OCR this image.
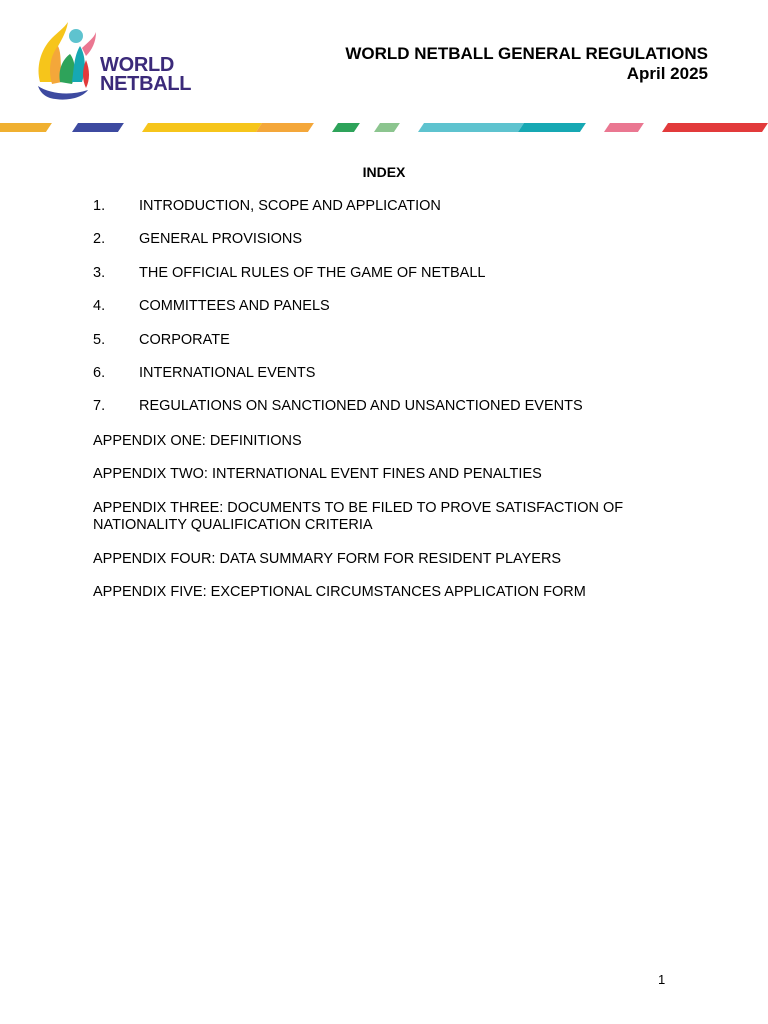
WORLD
NETBALL
WORLD NETBALL GENERAL REGULATIONS
April 2025
INDEX
1.	INTRODUCTION, SCOPE AND APPLICATION
2.	GENERAL PROVISIONS
3.	THE OFFICIAL RULES OF THE GAME OF NETBALL
4.	COMMITTEES AND PANELS
5.	CORPORATE
6.	INTERNATIONAL EVENTS
7.	REGULATIONS ON SANCTIONED AND UNSANCTIONED EVENTS
APPENDIX ONE: DEFINITIONS
APPENDIX TWO: INTERNATIONAL EVENT FINES AND PENALTIES
APPENDIX THREE: DOCUMENTS TO BE FILED TO PROVE SATISFACTION OF NATIONALITY QUALIFICATION CRITERIA
APPENDIX FOUR: DATA SUMMARY FORM FOR RESIDENT PLAYERS
APPENDIX FIVE: EXCEPTIONAL CIRCUMSTANCES APPLICATION FORM
1
